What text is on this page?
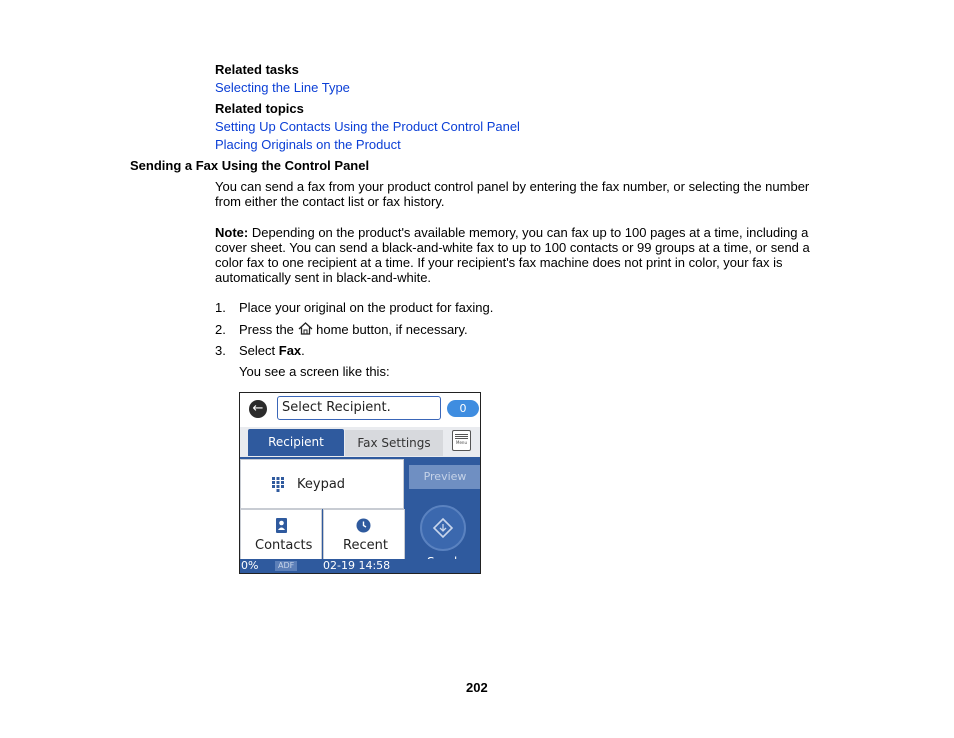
Related tasks
Selecting the Line Type
Related topics
Setting Up Contacts Using the Product Control Panel
Placing Originals on the Product
Sending a Fax Using the Control Panel
You can send a fax from your product control panel by entering the fax number, or selecting the number from either the contact list or fax history.
Note: Depending on the product's available memory, you can fax up to 100 pages at a time, including a cover sheet. You can send a black-and-white fax to up to 100 contacts or 99 groups at a time, or send a color fax to one recipient at a time. If your recipient's fax machine does not print in color, your fax is automatically sent in black-and-white.
1. Place your original on the product for faxing.
2. Press the  home button, if necessary.
3. Select Fax.
You see a screen like this:
←	Select Recipient.	0
Recipient	Fax Settings	Menu
Keypad
Contacts Recent
Preview
0%	ADF	02-19 14:58
202
